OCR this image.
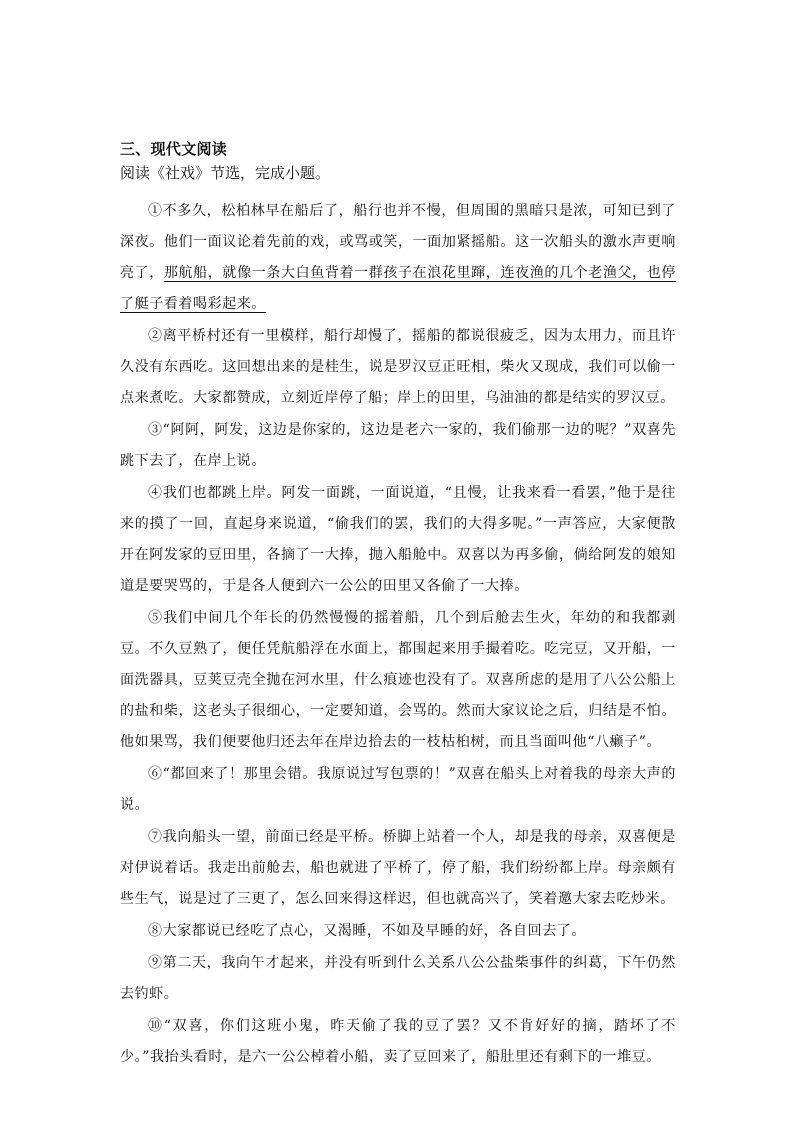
三、现代文阅读
阅读《社戏》节选，完成小题。

①不多久，松柏林早在船后了，船行也并不慢，但周围的黑暗只是浓，可知已到了深夜。他们一面议论着先前的戏，或骂或笑，一面加紧摇船。这一次船头的激水声更响亮了，那航船，就像一条大白鱼背着一群孩子在浪花里蹿，连夜渔的几个老渔父，也停了艇子看着喝彩起来。

②离平桥村还有一里模样，船行却慢了，摇船的都说很疲乏，因为太用力，而且许久没有东西吃。这回想出来的是桂生，说是罗汉豆正旺相，柴火又现成，我们可以偷一点来煮吃。大家都赞成，立刻近岸停了船；岸上的田里，乌油油的都是结实的罗汉豆。

③“阿阿，阿发，这边是你家的，这边是老六一家的，我们偷那一边的呢？”双喜先跳下去了，在岸上说。

④我们也都跳上岸。阿发一面跳，一面说道，“且慢，让我来看一看罢，”他于是往来的摸了一回，直起身来说道，“偷我们的罢，我们的大得多呢。”一声答应，大家便散开在阿发家的豆田里，各摘了一大捧，抛入船舱中。双喜以为再多偷，倘给阿发的娘知道是要哭骂的，于是各人便到六一公公的田里又各偷了一大捧。

⑤我们中间几个年长的仍然慢慢的摇着船，几个到后舱去生火，年幼的和我都剥豆。不久豆熟了，便任凭航船浮在水面上，都围起来用手撮着吃。吃完豆，又开船，一面洗器具，豆荚豆壳全抛在河水里，什么痕迹也没有了。双喜所虑的是用了八公公船上的盐和柴，这老头子很细心，一定要知道，会骂的。然而大家议论之后，归结是不怕。他如果骂，我们便要他归还去年在岸边拾去的一枝枯桕树，而且当面叫他“八癞子”。

⑥“都回来了！那里会错。我原说过写包票的！”双喜在船头上对着我的母亲大声的说。

⑦我向船头一望，前面已经是平桥。桥脚上站着一个人，却是我的母亲，双喜便是对伊说着话。我走出前舱去，船也就进了平桥了，停了船，我们纷纷都上岸。母亲颇有些生气，说是过了三更了，怎么回来得这样迟，但也就高兴了，笑着邀大家去吃炒米。

⑧大家都说已经吃了点心，又渴睡，不如及早睡的好，各自回去了。

⑨第二天，我向午才起来，并没有听到什么关系八公公盐柴事件的纠葛，下午仍然去钓虾。

⑩“双喜，你们这班小鬼，昨天偷了我的豆了罢？又不肯好好的摘，踏坏了不少。”我抬头看时，是六一公公棹着小船，卖了豆回来了，船肚里还有剩下的一堆豆。
